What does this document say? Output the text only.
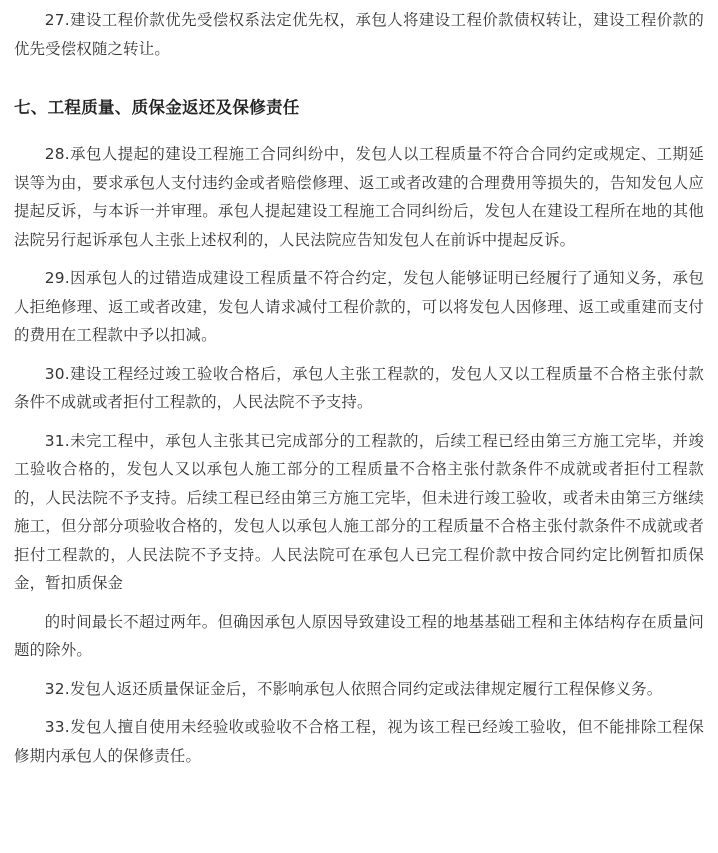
27.建设工程价款优先受偿权系法定优先权，承包人将建设工程价款债权转让，建设工程价款的优先受偿权随之转让。

七、工程质量、质保金返还及保修责任

28.承包人提起的建设工程施工合同纠纷中，发包人以工程质量不符合合同约定或规定、工期延误等为由，要求承包人支付违约金或者赔偿修理、返工或者改建的合理费用等损失的，告知发包人应提起反诉，与本诉一并审理。承包人提起建设工程施工合同纠纷后，发包人在建设工程所在地的其他法院另行起诉承包人主张上述权利的，人民法院应告知发包人在前诉中提起反诉。

29.因承包人的过错造成建设工程质量不符合约定，发包人能够证明已经履行了通知义务，承包人拒绝修理、返工或者改建，发包人请求减付工程价款的，可以将发包人因修理、返工或重建而支付的费用在工程款中予以扣减。

30.建设工程经过竣工验收合格后，承包人主张工程款的，发包人又以工程质量不合格主张付款条件不成就或者拒付工程款的，人民法院不予支持。

31.未完工程中，承包人主张其已完成部分的工程款的，后续工程已经由第三方施工完毕，并竣工验收合格的，发包人又以承包人施工部分的工程质量不合格主张付款条件不成就或者拒付工程款的，人民法院不予支持。后续工程已经由第三方施工完毕，但未进行竣工验收，或者未由第三方继续施工，但分部分项验收合格的，发包人以承包人施工部分的工程质量不合格主张付款条件不成就或者拒付工程款的，人民法院不予支持。人民法院可在承包人已完工程价款中按合同约定比例暂扣质保金，暂扣质保金

的时间最长不超过两年。但确因承包人原因导致建设工程的地基基础工程和主体结构存在质量问题的除外。

32.发包人返还质量保证金后，不影响承包人依照合同约定或法律规定履行工程保修义务。

33.发包人擅自使用未经验收或验收不合格工程，视为该工程已经竣工验收，但不能排除工程保修期内承包人的保修责任。
